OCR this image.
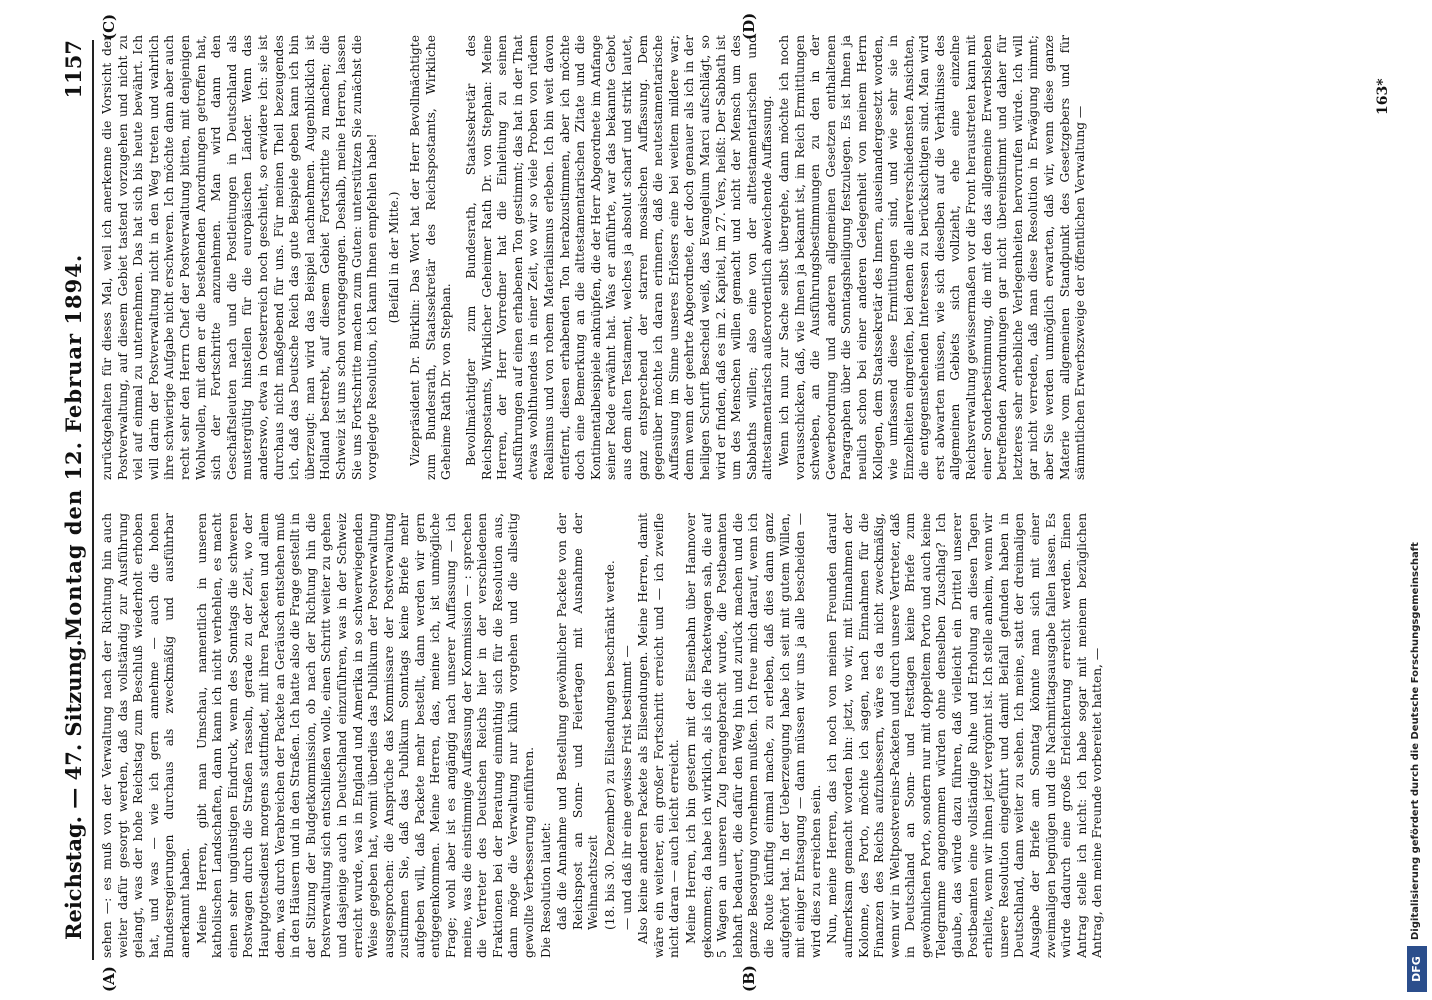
Reichstag. — 47. Sitzung.
Montag den 12. Februar 1894.
1157
(A)	(B)
(C)	(D)

sehen —: es muß von der Verwaltung nach der Richtung hin auch weiter dafür gesorgt werden, daß das vollständig zur Ausführung gelangt, was der hohe Reichstag zum Beschluß wiederholt erhoben hat, und was — wie ich gern annehme — auch die hohen Bundesregierungen durchaus als zweckmäßig und ausführbar anerkannt haben. Meine Herren, gibt man Umschau, namentlich in unseren katholischen Landschaften, dann kann ich nicht verhehlen, es macht einen sehr ungünstigen Eindruck, wenn des Sonntags die schweren Postwagen durch die Straßen rasseln, gerade zu der Zeit, wo der Hauptgottesdienst morgens stattfindet, mit ihren Packeten und allem dem, was durch Verabreichen der Packete an Geräusch entstehen muß in den Häusern und in den Straßen. Ich hatte also die Frage gestellt in der Sitzung der Budgetkommission, ob nach der Richtung hin die Postverwaltung sich entschließen wolle, einen Schritt weiter zu gehen und dasjenige auch in Deutschland einzuführen, was in der Schweiz erreicht wurde, was in England und Amerika in so schwerwiegenden Weise gegeben hat, womit überdies das Publikum der Postverwaltung ausgesprochen: die Ansprüche das Kommissare der Postverwaltung zustimmen Sie, daß das Publikum Sonntags keine Briefe mehr aufgeben will, daß Packete mehr bestellt, dann werden wir gern entgegenkommen. Meine Herren, das, meine ich, ist unmögliche Frage; wohl aber ist es angängig nach unserer Auffassung — ich meine, was die einstimmige Auffassung der Kommission — : sprechen die Vertreter des Deutschen Reichs hier in der verschiedenen Fraktionen bei der Beratung einmüthig sich für die Resolution aus, dann möge die Verwaltung nur kühn vorgehen und die allseitig gewollte Verbesserung einführen. Die Resolution lautet: daß die Annahme und Bestellung gewöhnlicher Packete von der Reichspost an Sonn- und Feiertagen mit Ausnahme der Weihnachtszeit (18. bis 30. Dezember) zu Eilsendungen beschränkt werde. — und daß ihr eine gewisse Frist bestimmt — Also keine anderen Packete als Eilsendungen. Meine Herren, damit wäre ein weiterer, ein großer Fortschritt erreicht und — ich zweifle nicht daran — auch leicht erreicht. Meine Herren, ich bin gestern mit der Eisenbahn über Hannover gekommen; da habe ich wirklich, als ich die Packetwagen sah, die auf 5 Wagen an unseren Zug herangebracht wurde, die Postbeamten lebhaft bedauert, die dafür den Weg hin und zurück machen und die ganze Besorgung vornehmen mußten. Ich freue mich darauf, wenn ich die Route künftig einmal mache, zu erleben, daß dies dann ganz aufgehört hat. In der Ueberzeugung habe ich seit mit gutem Willen, mit einiger Entsagung — dann müssen wir uns ja alle bescheiden — wird dies zu erreichen sein. Nun, meine Herren, das ich noch von meinen Freunden darauf aufmerksam gemacht worden bin: jetzt, wo wir, mit Einnahmen der Kolonne, des Porto, möchte ich sagen, nach Einnahmen für die Finanzen des Reichs aufzubessern, wäre es da nicht zweckmäßig, wenn wir in Weltpostvereins-Packeten und durch unsere Vertreter, daß in Deutschland an Sonn- und Festtagen keine Briefe zum gewöhnlichen Porto, sondern nur mit doppeltem Porto und auch keine Telegramme angenommen würden ohne denselben Zuschlag? Ich glaube, das würde dazu führen, daß vielleicht ein Drittel unserer Postbeamten eine vollständige Ruhe und Erholung an diesen Tagen erhielte, wenn wir ihnen jetzt vergönnt ist. Ich stelle anheim, wenn wir unsere Resolution eingeführt und damit Beifall gefunden haben in Deutschland, dann weiter zu sehen. Ich meine, statt der dreimaligen Ausgabe der Briefe am Sonntag könnte man sich mit einer zweimaligen begnügen und die Nachmittagsausgabe fallen lassen. Es würde dadurch eine große Erleichterung erreicht werden. Einen Antrag stelle ich nicht: ich habe sogar mit meinem bezüglichen Antrag, den meine Freunde vorbereitet hatten, —

zurückgehalten für dieses Mal, weil ich anerkenne die Vorsicht der Postverwaltung, auf diesem Gebiet tastend vorzugehen und nicht zu viel auf einmal zu unternehmen. Das hat sich bis heute bewährt. Ich will darin der Postverwaltung nicht in den Weg treten und wahrlich ihre schwierige Aufgabe nicht erschweren. Ich möchte dann aber auch recht sehr den Herrn Chef der Postverwaltung bitten, mit denjenigen Wohlwollen, mit dem er die bestehenden Anordnungen getroffen hat, sich der Fortschritte anzunehmen. Man wird dann den Geschäftsleuten nach und die Postleitungen in Deutschland als mustergültig hinstellen für die europäischen Länder. Wenn das anderswo, etwa in Oesterreich noch geschieht, so erwidere ich: sie ist durchaus nicht maßgebend für uns. Für meinen Theil bezeugendes ich, daß das Deutsche Reich das gute Beispiele geben kann ich bin überzeugt: man wird das Beispiel nachnehmen. Augenblicklich ist Holland bestrebt, auf diesem Gebiet Fortschritte zu machen; die Schweiz ist uns schon vorangegangen. Deshalb, meine Herren, lassen Sie uns Fortschritte machen zum Guten: unterstützen Sie zunächst die vorgelegte Resolution, ich kann Ihnen empfehlen habe! (Beifall in der Mitte.) Vizepräsident Dr. Bürklin: Das Wort hat der Herr Bevollmächtigte zum Bundesrath, Staatssekretär des Reichspostamts, Wirkliche Geheime Rath Dr. von Stephan. Bevollmächtigter zum Bundesrath, Staatssekretär des Reichspostamts, Wirklicher Geheimer Rath Dr. von Stephan: Meine Herren, der Herr Vorredner hat die Einleitung zu seinen Ausführungen auf einen erhabenen Ton gestimmt; das hat in der That etwas wohlthuendes in einer Zeit, wo wir so viele Proben von rüdem Realismus und von rohem Materialismus erleben. Ich bin weit davon entfernt, diesen erhabenden Ton herabzustimmen, aber ich möchte doch eine Bemerkung an die alttestamentarischen Zitate und die Kontinentalbeispiele anknüpfen, die der Herr Abgeordnete im Anfange seiner Rede erwähnt hat. Was er anführte, war das bekannte Gebot aus dem alten Testament, welches ja absolut scharf und strikt lautet, ganz entsprechend der starren mosaischen Auffassung. Dem gegenüber möchte ich daran erinnern, daß die neutestamentarische Auffassung im Sinne unseres Erlösers eine bei weitem mildere war; denn wenn der geehrte Abgeordnete, der doch genauer als ich in der heiligen Schrift Bescheid weiß, das Evangelium Marci aufschlägt, so wird er finden, daß es im 2. Kapitel, im 27. Vers, heißt: Der Sabbath ist um des Menschen willen gemacht und nicht der Mensch um des Sabbaths willen; also eine von der alttestamentarischen und alttestamentarisch außerordentlich abweichende Auffassung. Wenn ich nun zur Sache selbst übergehe, dann möchte ich noch vorausschicken, daß, wie Ihnen ja bekannt ist, im Reich Ermittlungen schweben, an die Ausführungsbestimmungen zu den in der Gewerbeordnung und anderen allgemeinen Gesetzen enthaltenen Paragraphen über die Sonntagsheiligung festzulegen. Es ist Ihnen ja neulich schon bei einer anderen Gelegenheit von meinem Herrn Kollegen, dem Staatssekretär des Innern, auseinandergesetzt worden, wie umfassend diese Ermittlungen sind, und wie sehr sie in Einzelheiten eingreifen, bei denen die allerverschiedensten Ansichten, die entgegenstehenden Interessen zu berücksichtigen sind. Man wird erst abwarten müssen, wie sich dieselben auf die Verhältnisse des allgemeinen Gebiets sich vollzieht, ehe eine einzelne Reichsverwaltung gewissermaßen vor die Front heraustreten kann mit einer Sonderbestimmung, die mit den das allgemeine Erwerbsleben betreffenden Anordnungen gar nicht übereinstimmt und daher für letzteres sehr erhebliche Verlegenheiten hervorrufen würde. Ich will gar nicht verreden, daß man diese Resolution in Erwägung nimmt; aber Sie werden unmöglich erwarten, daß wir, wenn diese ganze Materie vom allgemeinen Standpunkt des Gesetzgebers und für sämmtlichen Erwerbszweige der öffentlichen Verwaltung —

163*
DFG
Digitalisierung gefördert durch die Deutsche Forschungsgemeinschaft
